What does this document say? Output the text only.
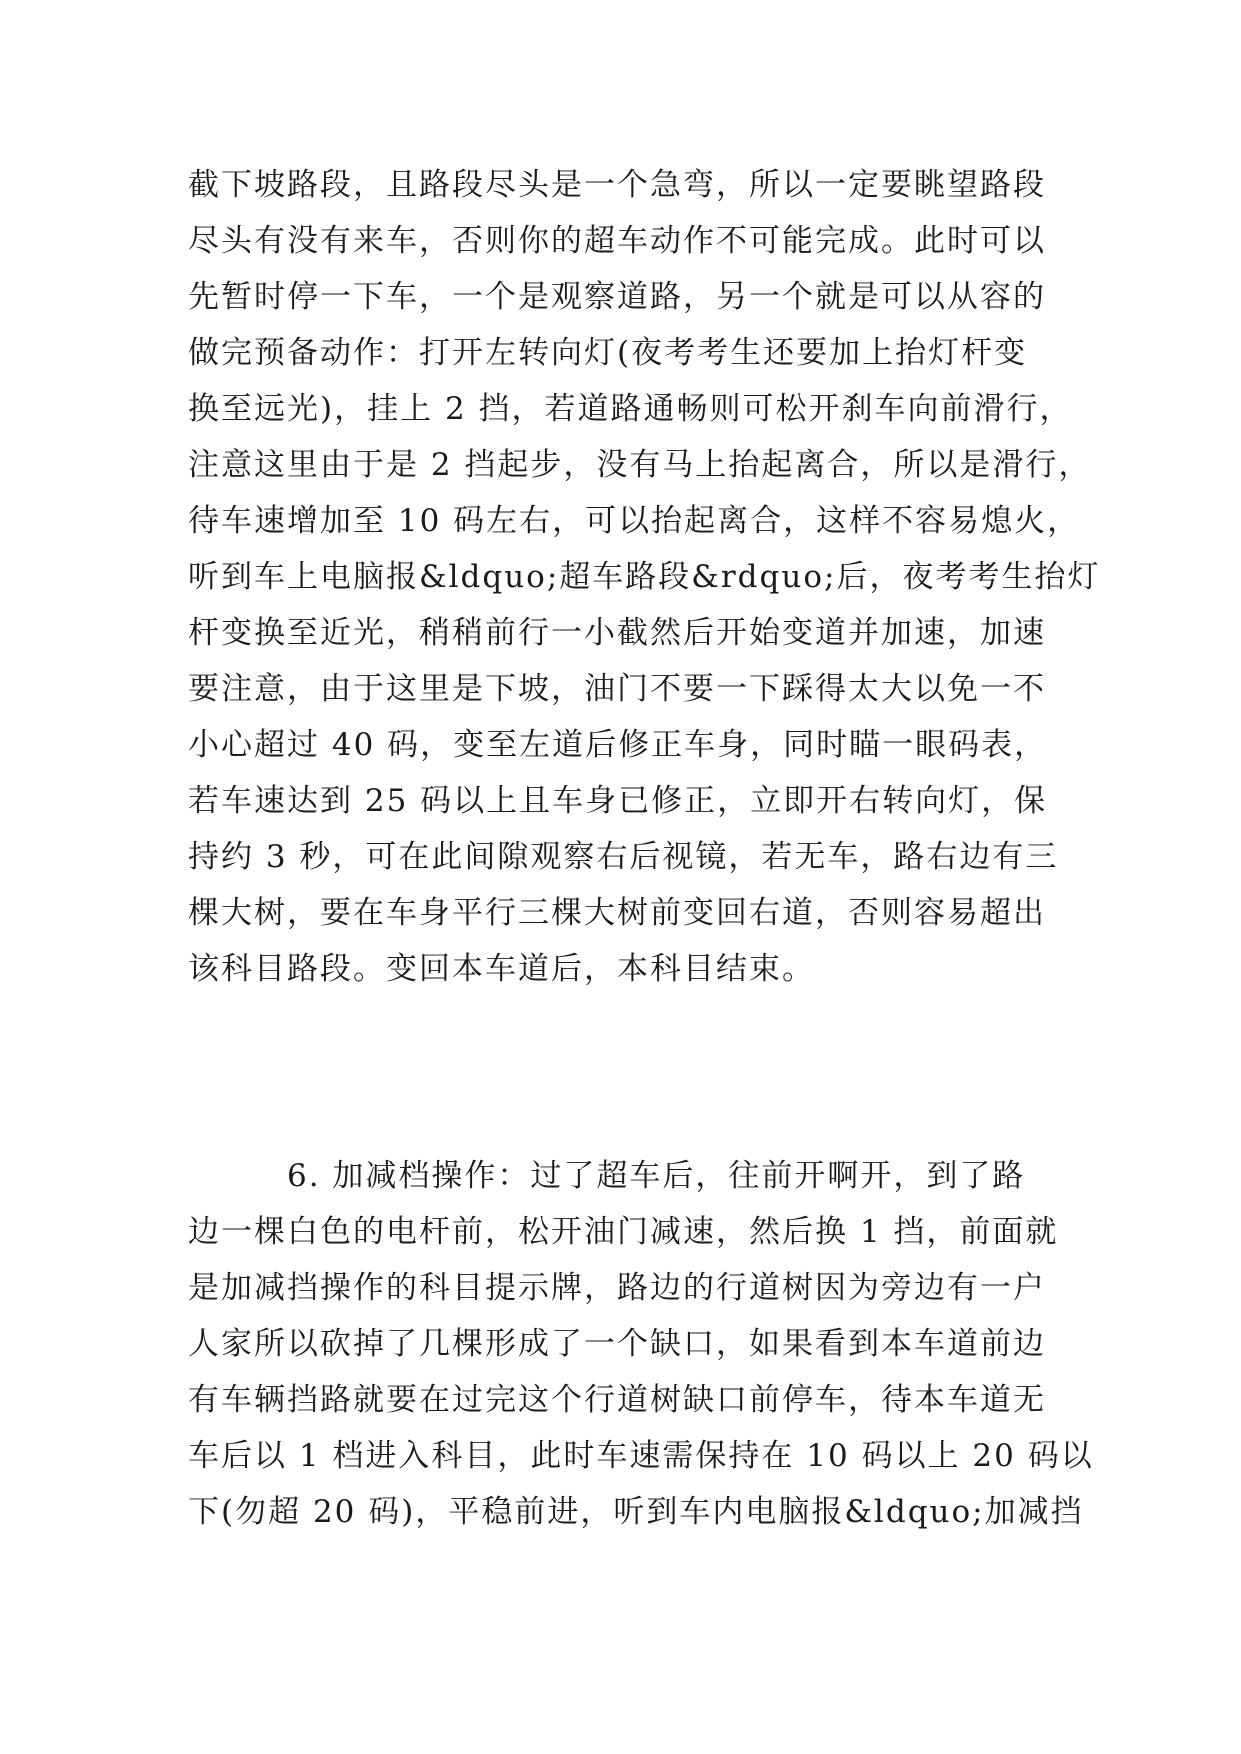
截下坡路段，且路段尽头是一个急弯，所以一定要眺望路段
尽头有没有来车，否则你的超车动作不可能完成。此时可以
先暂时停一下车，一个是观察道路，另一个就是可以从容的
做完预备动作：打开左转向灯(夜考考生还要加上抬灯杆变
换至远光)，挂上 2 挡，若道路通畅则可松开刹车向前滑行，
注意这里由于是 2 挡起步，没有马上抬起离合，所以是滑行，
待车速增加至 10 码左右，可以抬起离合，这样不容易熄火，
听到车上电脑报&ldquo;超车路段&rdquo;后，夜考考生抬灯
杆变换至近光，稍稍前行一小截然后开始变道并加速，加速
要注意，由于这里是下坡，油门不要一下踩得太大以免一不
小心超过 40 码，变至左道后修正车身，同时瞄一眼码表，
若车速达到 25 码以上且车身已修正，立即开右转向灯，保
持约 3 秒，可在此间隙观察右后视镜，若无车，路右边有三
棵大树，要在车身平行三棵大树前变回右道，否则容易超出
该科目路段。变回本车道后，本科目结束。
　　　6. 加减档操作：过了超车后，往前开啊开，到了路
边一棵白色的电杆前，松开油门减速，然后换 1 挡，前面就
是加减挡操作的科目提示牌，路边的行道树因为旁边有一户
人家所以砍掉了几棵形成了一个缺口，如果看到本车道前边
有车辆挡路就要在过完这个行道树缺口前停车，待本车道无
车后以 1 档进入科目，此时车速需保持在 10 码以上 20 码以
下(勿超 20 码)，平稳前进，听到车内电脑报&ldquo;加减挡
